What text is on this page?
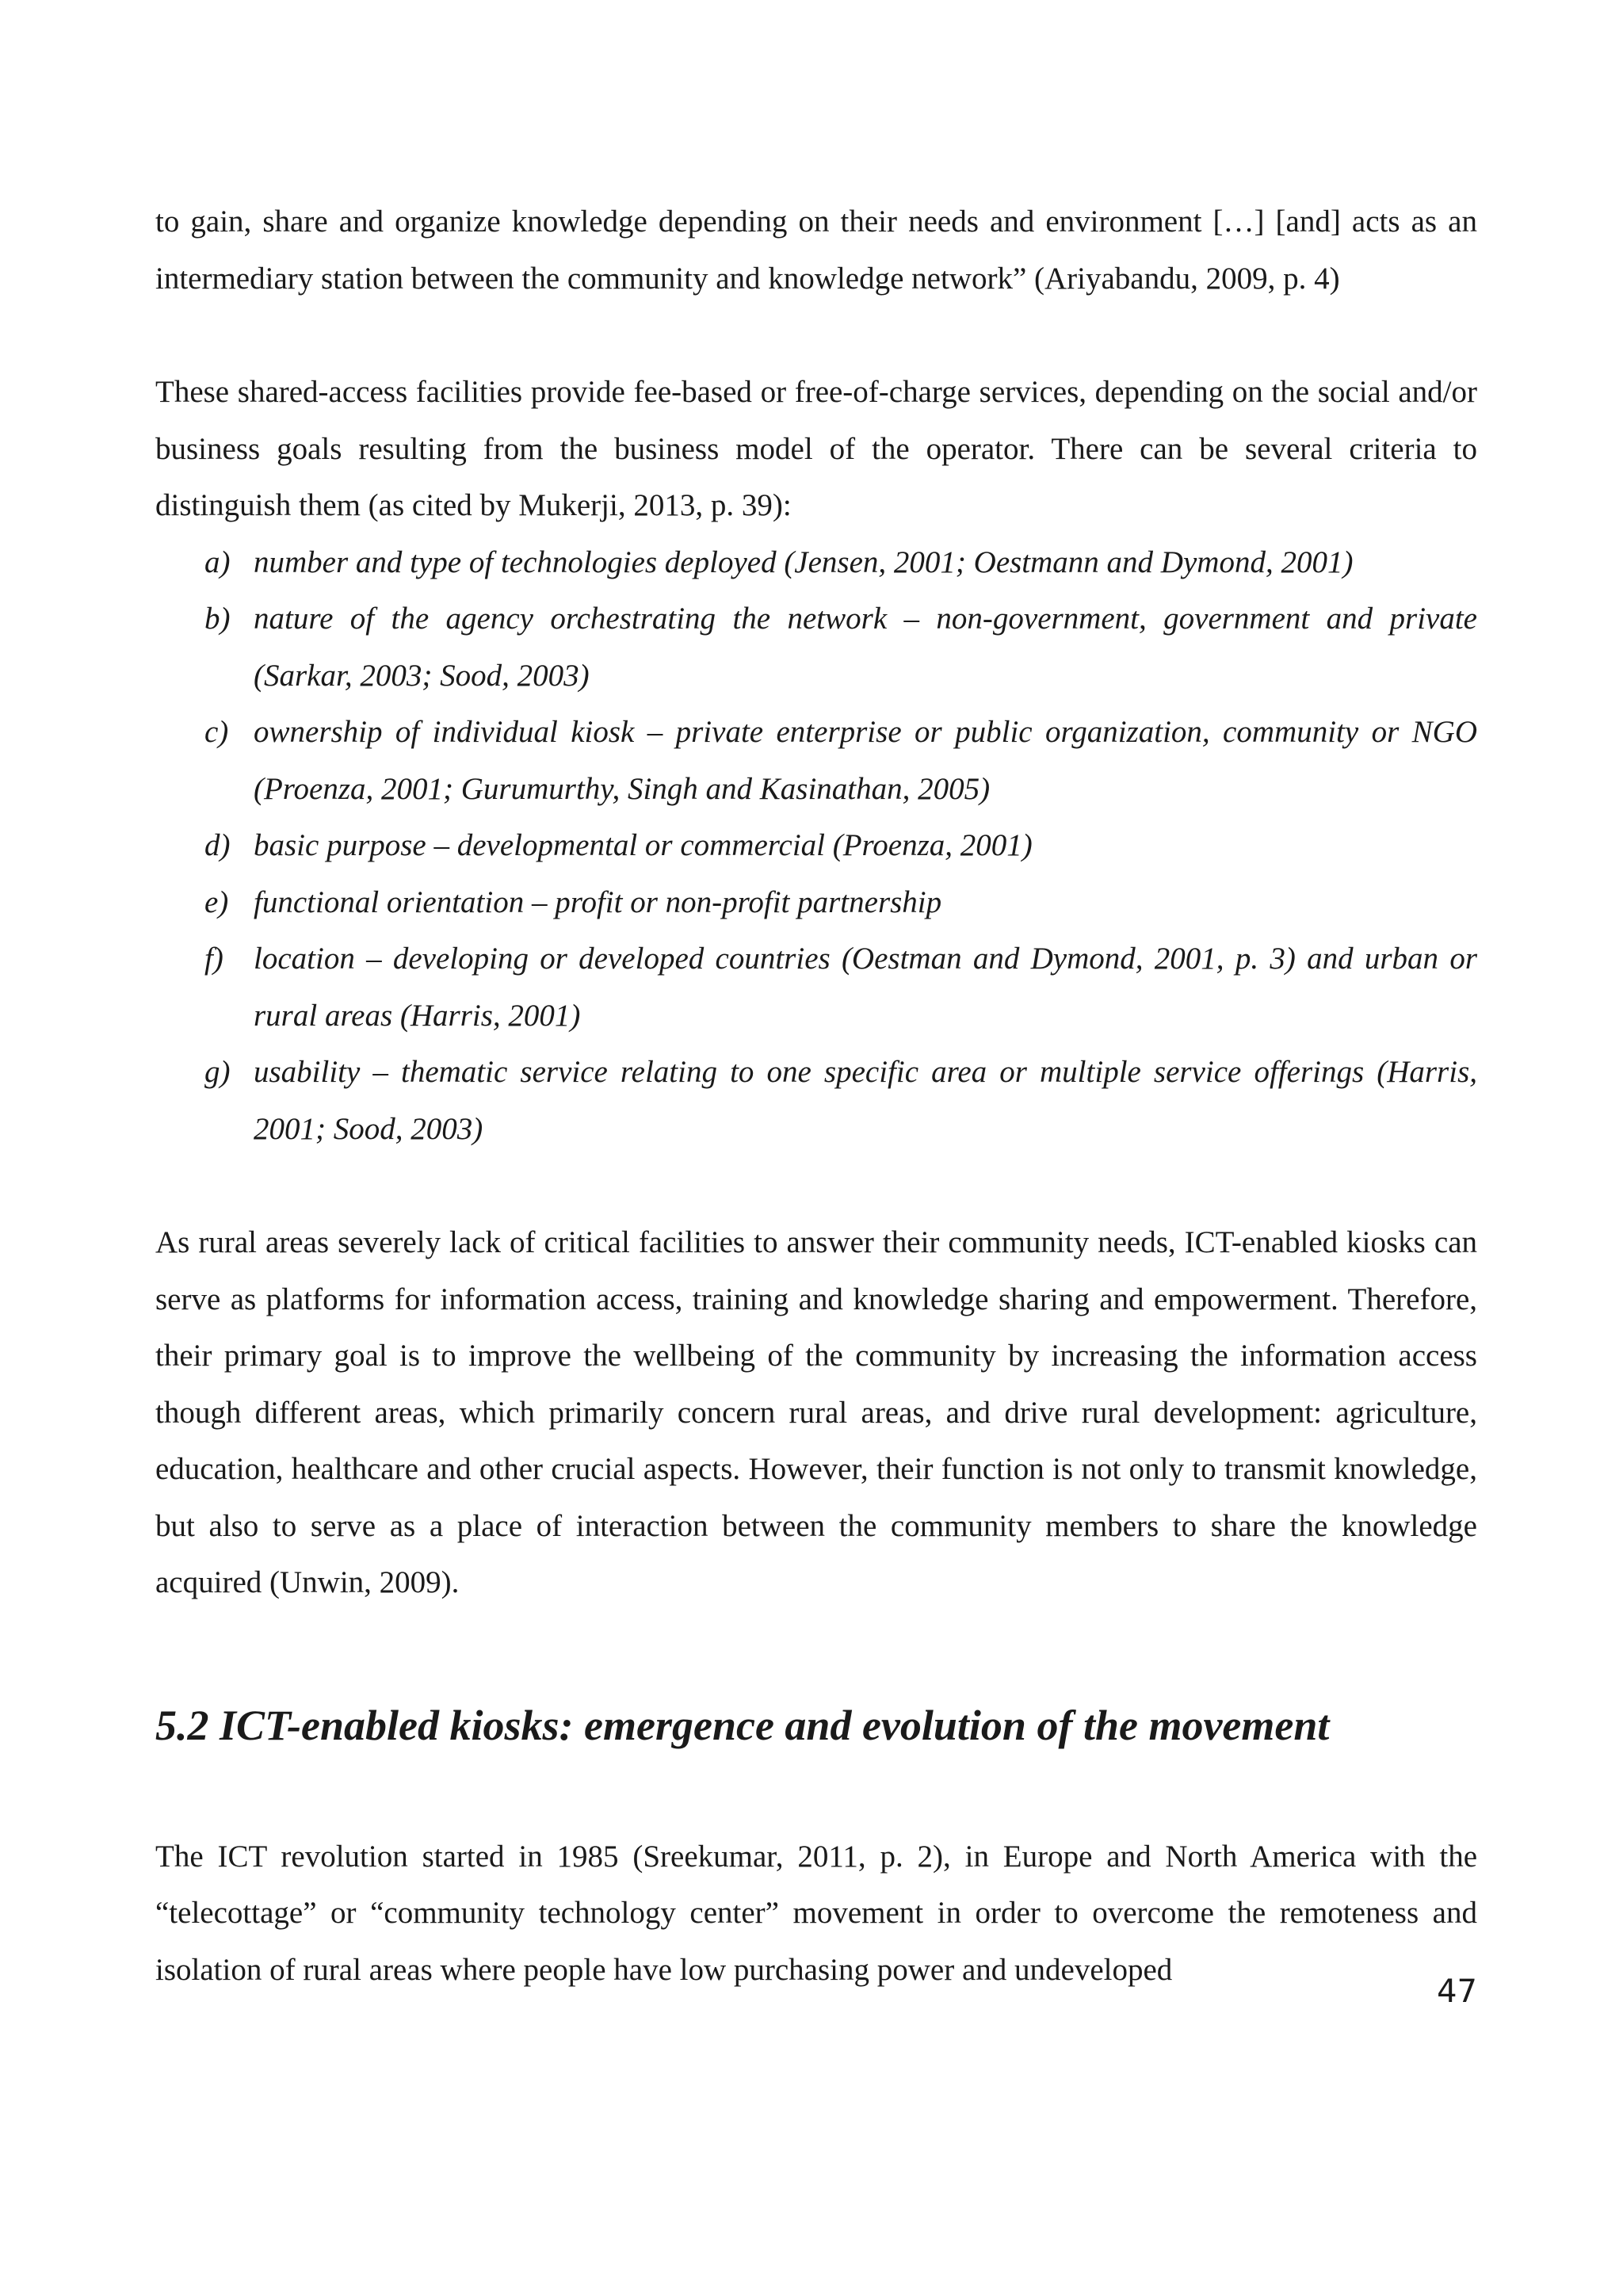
to gain, share and organize knowledge depending on their needs and environment […] [and] acts as an intermediary station between the community and knowledge network” (Ariyabandu, 2009, p. 4)

These shared-access facilities provide fee-based or free-of-charge services, depending on the social and/or business goals resulting from the business model of the operator. There can be several criteria to distinguish them (as cited by Mukerji, 2013, p. 39):

a) number and type of technologies deployed (Jensen, 2001; Oestmann and Dymond, 2001)
b) nature of the agency orchestrating the network – non-government, government and private (Sarkar, 2003; Sood, 2003)
c) ownership of individual kiosk – private enterprise or public organization, community or NGO (Proenza, 2001; Gurumurthy, Singh and Kasinathan, 2005)
d) basic purpose – developmental or commercial (Proenza, 2001)
e) functional orientation – profit or non-profit partnership
f) location – developing or developed countries (Oestman and Dymond, 2001, p. 3) and urban or rural areas (Harris, 2001)
g) usability – thematic service relating to one specific area or multiple service offerings (Harris, 2001; Sood, 2003)

As rural areas severely lack of critical facilities to answer their community needs, ICT-enabled kiosks can serve as platforms for information access, training and knowledge sharing and empowerment. Therefore, their primary goal is to improve the wellbeing of the community by increasing the information access though different areas, which primarily concern rural areas, and drive rural development: agriculture, education, healthcare and other crucial aspects. However, their function is not only to transmit knowledge, but also to serve as a place of interaction between the community members to share the knowledge acquired (Unwin, 2009).

5.2 ICT-enabled kiosks: emergence and evolution of the movement

The ICT revolution started in 1985 (Sreekumar, 2011, p. 2), in Europe and North America with the “telecottage” or “community technology center” movement in order to overcome the remoteness and isolation of rural areas where people have low purchasing power and undeveloped

47
